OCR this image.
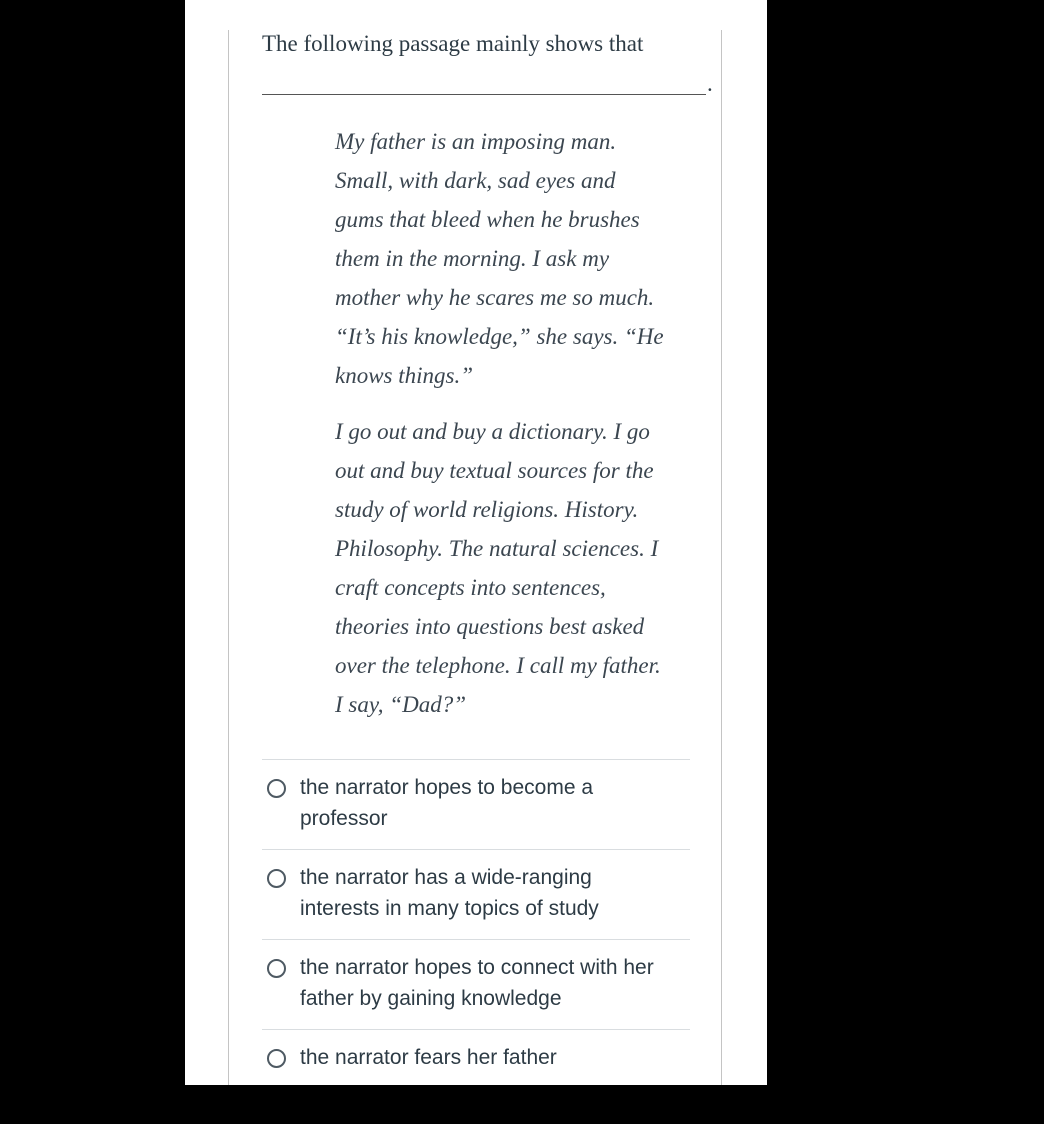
The following passage mainly shows that
.
My father is an imposing man.
Small, with dark, sad eyes and
gums that bleed when he brushes
them in the morning. I ask my
mother why he scares me so much.
“It’s his knowledge,” she says. “He
knows things.”
I go out and buy a dictionary. I go
out and buy textual sources for the
study of world religions. History.
Philosophy. The natural sciences. I
craft concepts into sentences,
theories into questions best asked
over the telephone. I call my father.
I say, “Dad?”
the narrator hopes to become a
professor
the narrator has a wide-ranging
interests in many topics of study
the narrator hopes to connect with her
father by gaining knowledge
the narrator fears her father
